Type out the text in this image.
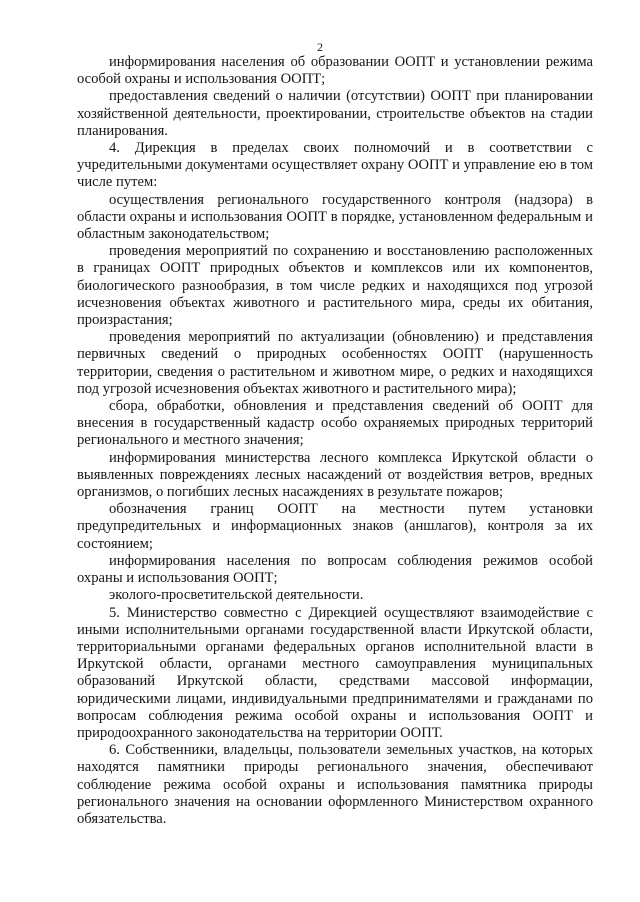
2

информирования населения об образовании ООПТ и установлении режима особой охраны и использования ООПТ;

предоставления сведений о наличии (отсутствии) ООПТ при планировании хозяйственной деятельности, проектировании, строительстве объектов на стадии планирования.

4. Дирекция в пределах своих полномочий и в соответствии с учредительными документами осуществляет охрану ООПТ и управление ею в том числе путем:

осуществления регионального государственного контроля (надзора) в области охраны и использования ООПТ в порядке, установленном федеральным и областным законодательством;

проведения мероприятий по сохранению и восстановлению расположенных в границах ООПТ природных объектов и комплексов или их компонентов, биологического разнообразия, в том числе редких и находящихся под угрозой исчезновения объектах животного и растительного мира, среды их обитания, произрастания;

проведения мероприятий по актуализации (обновлению) и представления первичных сведений о природных особенностях ООПТ (нарушенность территории, сведения о растительном и животном мире, о редких и находящихся под угрозой исчезновения объектах животного и растительного мира);

сбора, обработки, обновления и представления сведений об ООПТ для внесения в государственный кадастр особо охраняемых природных территорий регионального и местного значения;

информирования министерства лесного комплекса Иркутской области о выявленных повреждениях лесных насаждений от воздействия ветров, вредных организмов, о погибших лесных насаждениях в результате пожаров;

обозначения границ ООПТ на местности путем установки предупредительных и информационных знаков (аншлагов), контроля за их состоянием;

информирования населения по вопросам соблюдения режимов особой охраны и использования ООПТ;

эколого-просветительской деятельности.

5. Министерство совместно с Дирекцией осуществляют взаимодействие с иными исполнительными органами государственной власти Иркутской области, территориальными органами федеральных органов исполнительной власти в Иркутской области, органами местного самоуправления муниципальных образований Иркутской области, средствами массовой информации, юридическими лицами, индивидуальными предпринимателями и гражданами по вопросам соблюдения режима особой охраны и использования ООПТ и природоохранного законодательства на территории ООПТ.

6. Собственники, владельцы, пользователи земельных участков, на которых находятся памятники природы регионального значения, обеспечивают соблюдение режима особой охраны и использования памятника природы регионального значения на основании оформленного Министерством охранного обязательства.
